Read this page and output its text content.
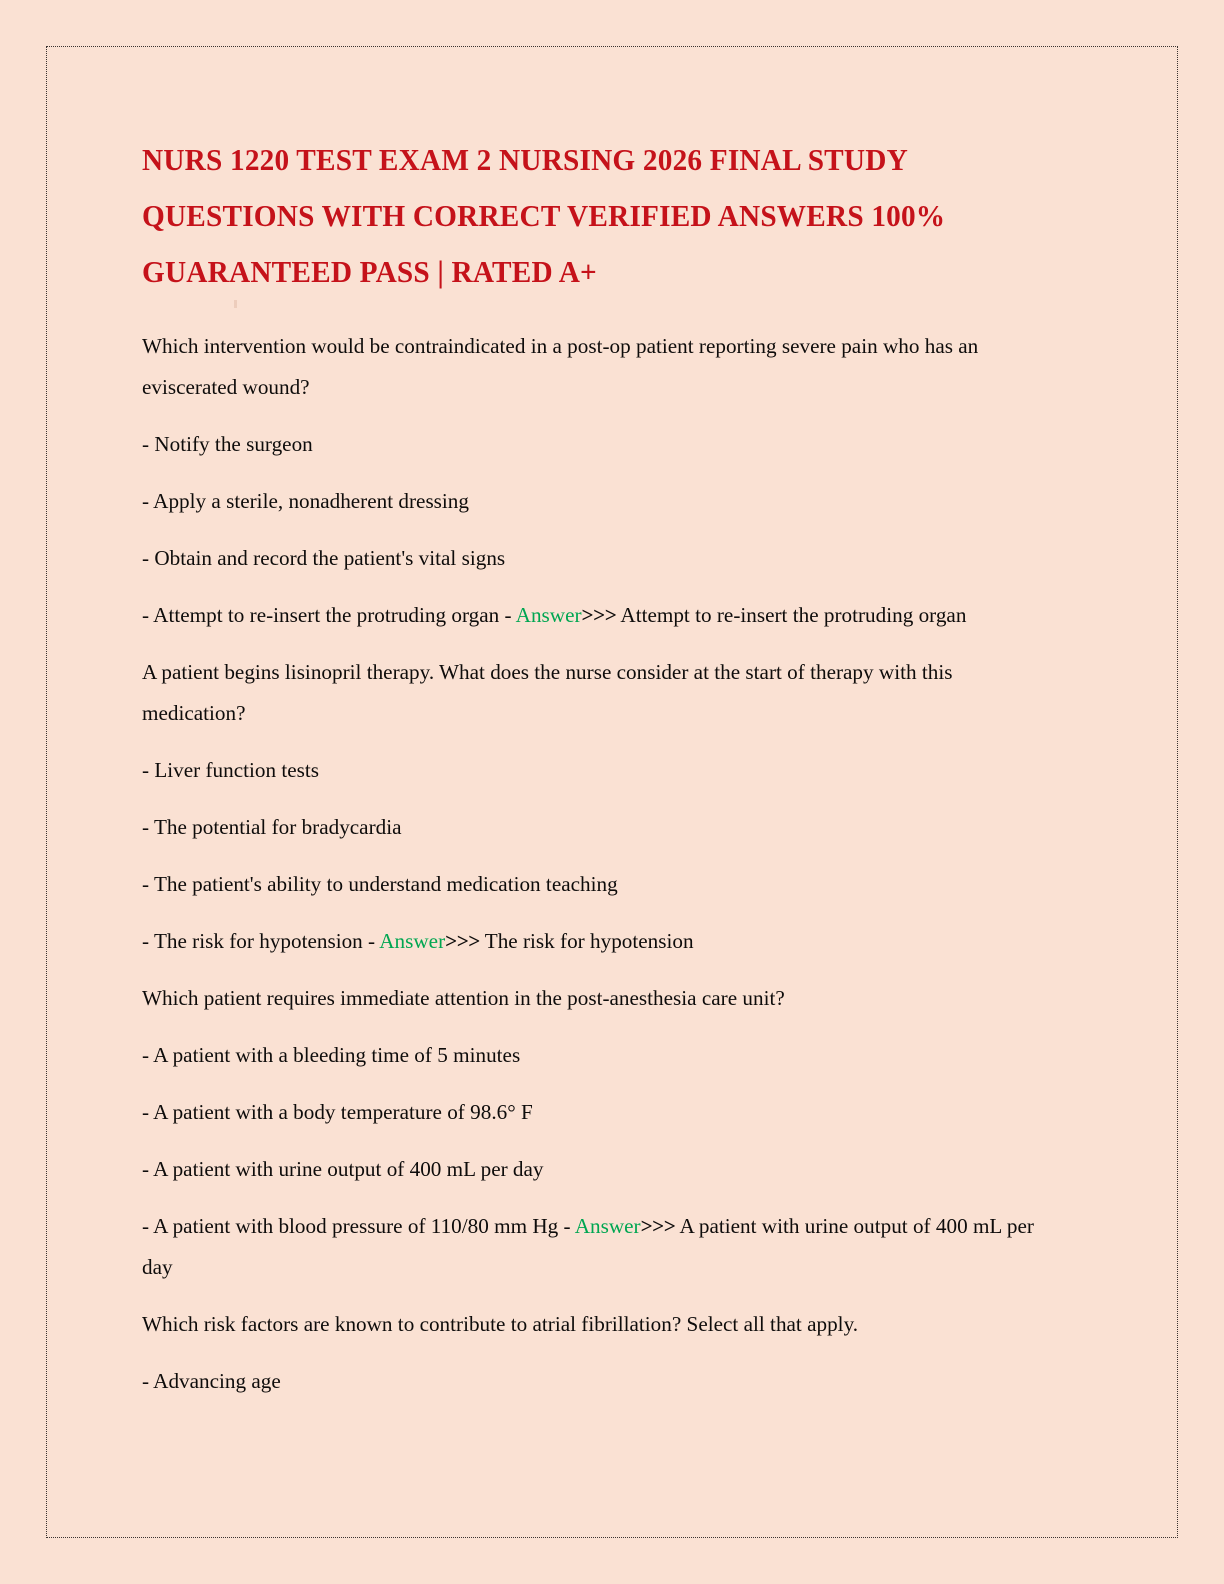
NURS 1220 TEST EXAM 2 NURSING 2026 FINAL STUDY QUESTIONS WITH CORRECT VERIFIED ANSWERS 100% GUARANTEED PASS | RATED A+

Which intervention would be contraindicated in a post-op patient reporting severe pain who has an eviscerated wound?

- Notify the surgeon

- Apply a sterile, nonadherent dressing

- Obtain and record the patient's vital signs

- Attempt to re-insert the protruding organ - Answer>>> Attempt to re-insert the protruding organ

A patient begins lisinopril therapy. What does the nurse consider at the start of therapy with this medication?

- Liver function tests

- The potential for bradycardia

- The patient's ability to understand medication teaching

- The risk for hypotension - Answer>>> The risk for hypotension

Which patient requires immediate attention in the post-anesthesia care unit?

- A patient with a bleeding time of 5 minutes

- A patient with a body temperature of 98.6° F

- A patient with urine output of 400 mL per day

- A patient with blood pressure of 110/80 mm Hg - Answer>>> A patient with urine output of 400 mL per day

Which risk factors are known to contribute to atrial fibrillation? Select all that apply.

- Advancing age
